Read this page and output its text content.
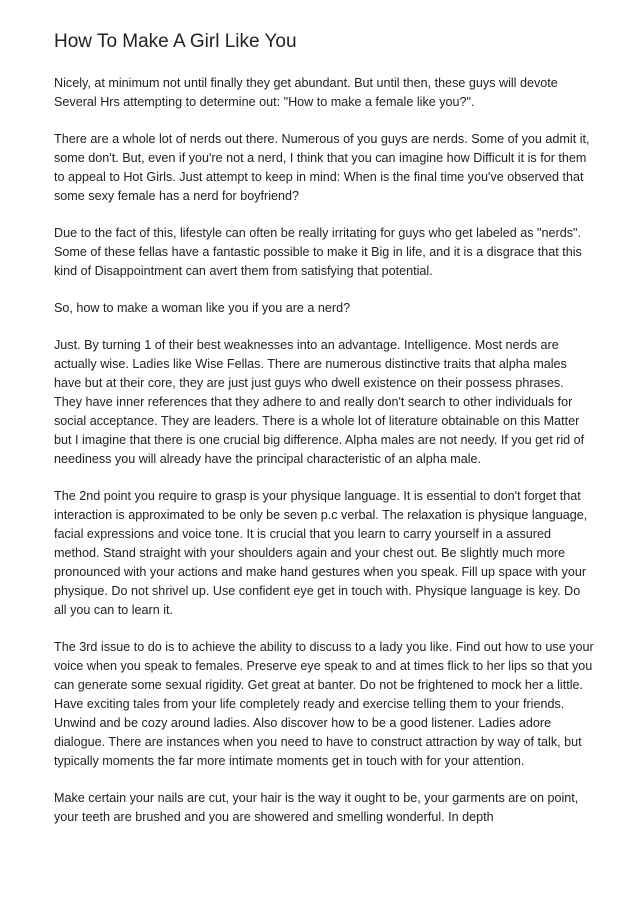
How To Make A Girl Like You

Nicely, at minimum not until finally they get abundant. But until then, these guys will devote Several Hrs attempting to determine out: "How to make a female like you?".

There are a whole lot of nerds out there. Numerous of you guys are nerds. Some of you admit it, some don't. But, even if you're not a nerd, I think that you can imagine how Difficult it is for them to appeal to Hot Girls. Just attempt to keep in mind: When is the final time you've observed that some sexy female has a nerd for boyfriend?

Due to the fact of this, lifestyle can often be really irritating for guys who get labeled as "nerds". Some of these fellas have a fantastic possible to make it Big in life, and it is a disgrace that this kind of Disappointment can avert them from satisfying that potential.

So, how to make a woman like you if you are a nerd?

Just. By turning 1 of their best weaknesses into an advantage. Intelligence. Most nerds are actually wise. Ladies like Wise Fellas. There are numerous distinctive traits that alpha males have but at their core, they are just just guys who dwell existence on their possess phrases. They have inner references that they adhere to and really don't search to other individuals for social acceptance. They are leaders. There is a whole lot of literature obtainable on this Matter but I imagine that there is one crucial big difference. Alpha males are not needy. If you get rid of neediness you will already have the principal characteristic of an alpha male.

The 2nd point you require to grasp is your physique language. It is essential to don't forget that interaction is approximated to be only be seven p.c verbal. The relaxation is physique language, facial expressions and voice tone. It is crucial that you learn to carry yourself in a assured method. Stand straight with your shoulders again and your chest out. Be slightly much more pronounced with your actions and make hand gestures when you speak. Fill up space with your physique. Do not shrivel up. Use confident eye get in touch with. Physique language is key. Do all you can to learn it.

The 3rd issue to do is to achieve the ability to discuss to a lady you like. Find out how to use your voice when you speak to females. Preserve eye speak to and at times flick to her lips so that you can generate some sexual rigidity. Get great at banter. Do not be frightened to mock her a little. Have exciting tales from your life completely ready and exercise telling them to your friends. Unwind and be cozy around ladies. Also discover how to be a good listener. Ladies adore dialogue. There are instances when you need to have to construct attraction by way of talk, but typically moments the far more intimate moments get in touch with for your attention.

Make certain your nails are cut, your hair is the way it ought to be, your garments are on point, your teeth are brushed and you are showered and smelling wonderful. In depth
